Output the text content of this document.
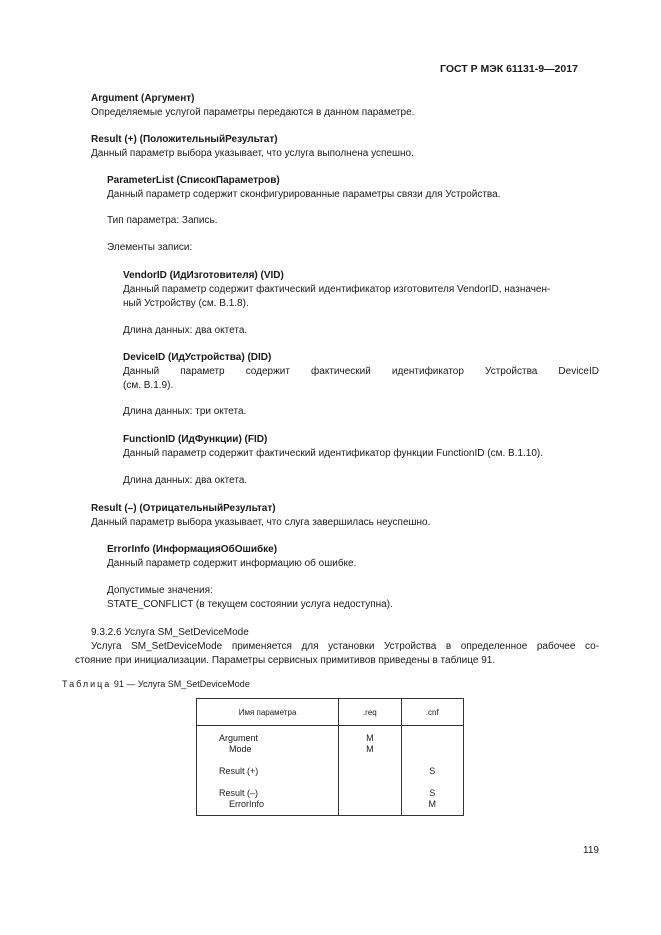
ГОСТ Р МЭК 61131-9—2017
Argument (Аргумент)
Определяемые услугой параметры передаются в данном параметре.
Result (+) (ПоложительныйРезультат)
Данный параметр выбора указывает, что услуга выполнена успешно.
ParameterList (СписокПараметров)
Данный параметр содержит сконфигурированные параметры связи для Устройства.
Тип параметра: Запись.
Элементы записи:
VendorID (ИдИзготовителя) (VID)
Данный параметр содержит фактический идентификатор изготовителя VendorID, назначен-
ный Устройству (см. В.1.8).
Длина данных: два октета.
DeviceID (ИдУстройства) (DID)
Данный параметр содержит фактический идентификатор Устройства DeviceID
(см. В.1.9).
Длина данных: три октета.
FunctionID (ИдФункции) (FID)
Данный параметр содержит фактический идентификатор функции FunctionID (см. В.1.10).
Длина данных: два октета.
Result (–) (ОтрицательныйРезультат)
Данный параметр выбора указывает, что слуга завершилась неуспешно.
ErrorInfo (ИнформацияОбОшибке)
Данный параметр содержит информацию об ошибке.
Допустимые значения:
STATE_CONFLICT (в текущем состоянии услуга недоступна).
9.3.2.6 Услуга SM_SetDeviceMode
Услуга SM_SetDeviceMode применяется для установки Устройства в определенное рабочее со-
стояние при инициализации. Параметры сервисных примитивов приведены в таблице 91.
Таблица 91 — Услуга SM_SetDeviceMode
Имя параметра	.req	.cnf
Argument	M	
Mode	M	
Result (+)		S
Result (–)		S
ErrorInfo		M
119
